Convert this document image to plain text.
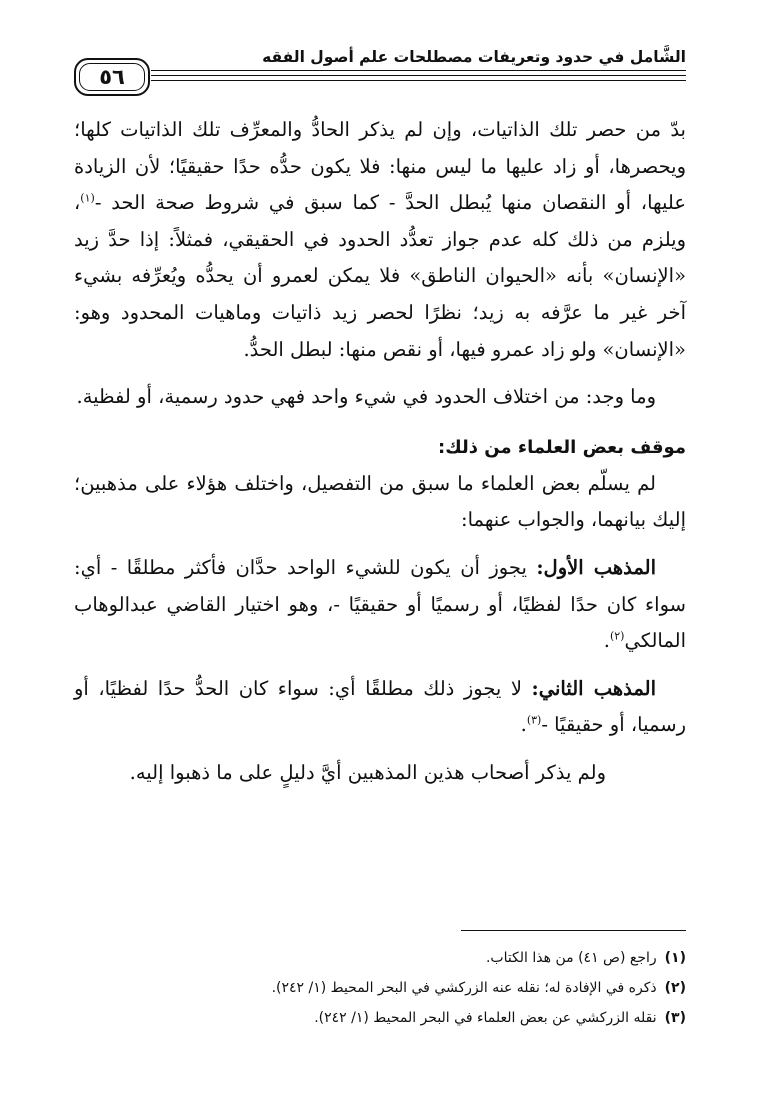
الشَّامل في حدود وتعريفات مصطلحات علم أصول الفقه
٥٦

بدّ من حصر تلك الذاتيات، وإن لم يذكر الحادُّ والمعرِّف تلك الذاتيات كلها؛ ويحصرها، أو زاد عليها ما ليس منها: فلا يكون حدُّه حدًا حقيقيًا؛ لأن الزيادة عليها، أو النقصان منها يُبطل الحدَّ - كما سبق في شروط صحة الحد -$^{(١)}$، ويلزم من ذلك كله عدم جواز تعدُّد الحدود في الحقيقي، فمثلاً: إذا حدَّ زيد «الإنسان» بأنه «الحيوان الناطق» فلا يمكن لعمرو أن يحدُّه ويُعرِّفه بشيء آخر غير ما عرَّفه به زيد؛ نظرًا لحصر زيد ذاتيات وماهيات المحدود وهو: «الإنسان» ولو زاد عمرو فيها، أو نقص منها: لبطل الحدُّ.

وما وجد: من اختلاف الحدود في شيء واحد فهي حدود رسمية، أو لفظية.

موقف بعض العلماء من ذلك:

لم يسلّم بعض العلماء ما سبق من التفصيل، واختلف هؤلاء على مذهبين؛ إليك بيانهما، والجواب عنهما:

المذهب الأول: يجوز أن يكون للشيء الواحد حدَّان فأكثر مطلقًا - أي: سواء كان حدًا لفظيًا، أو رسميًا أو حقيقيًا -، وهو اختيار القاضي عبدالوهاب المالكي$^{(٢)}$.

المذهب الثاني: لا يجوز ذلك مطلقًا أي: سواء كان الحدُّ حدًا لفظيًا، أو رسميا، أو حقيقيًا -$^{(٣)}$.

ولم يذكر أصحاب هذين المذهبين أيَّ دليلٍ على ما ذهبوا إليه.

(١)
راجع (ص ٤١) من هذا الكتاب.
(٢)
ذكره في الإفادة له؛ نقله عنه الزركشي في البحر المحيط (١/ ٢٤٢).
(٣)
نقله الزركشي عن بعض العلماء في البحر المحيط (١/ ٢٤٢).
